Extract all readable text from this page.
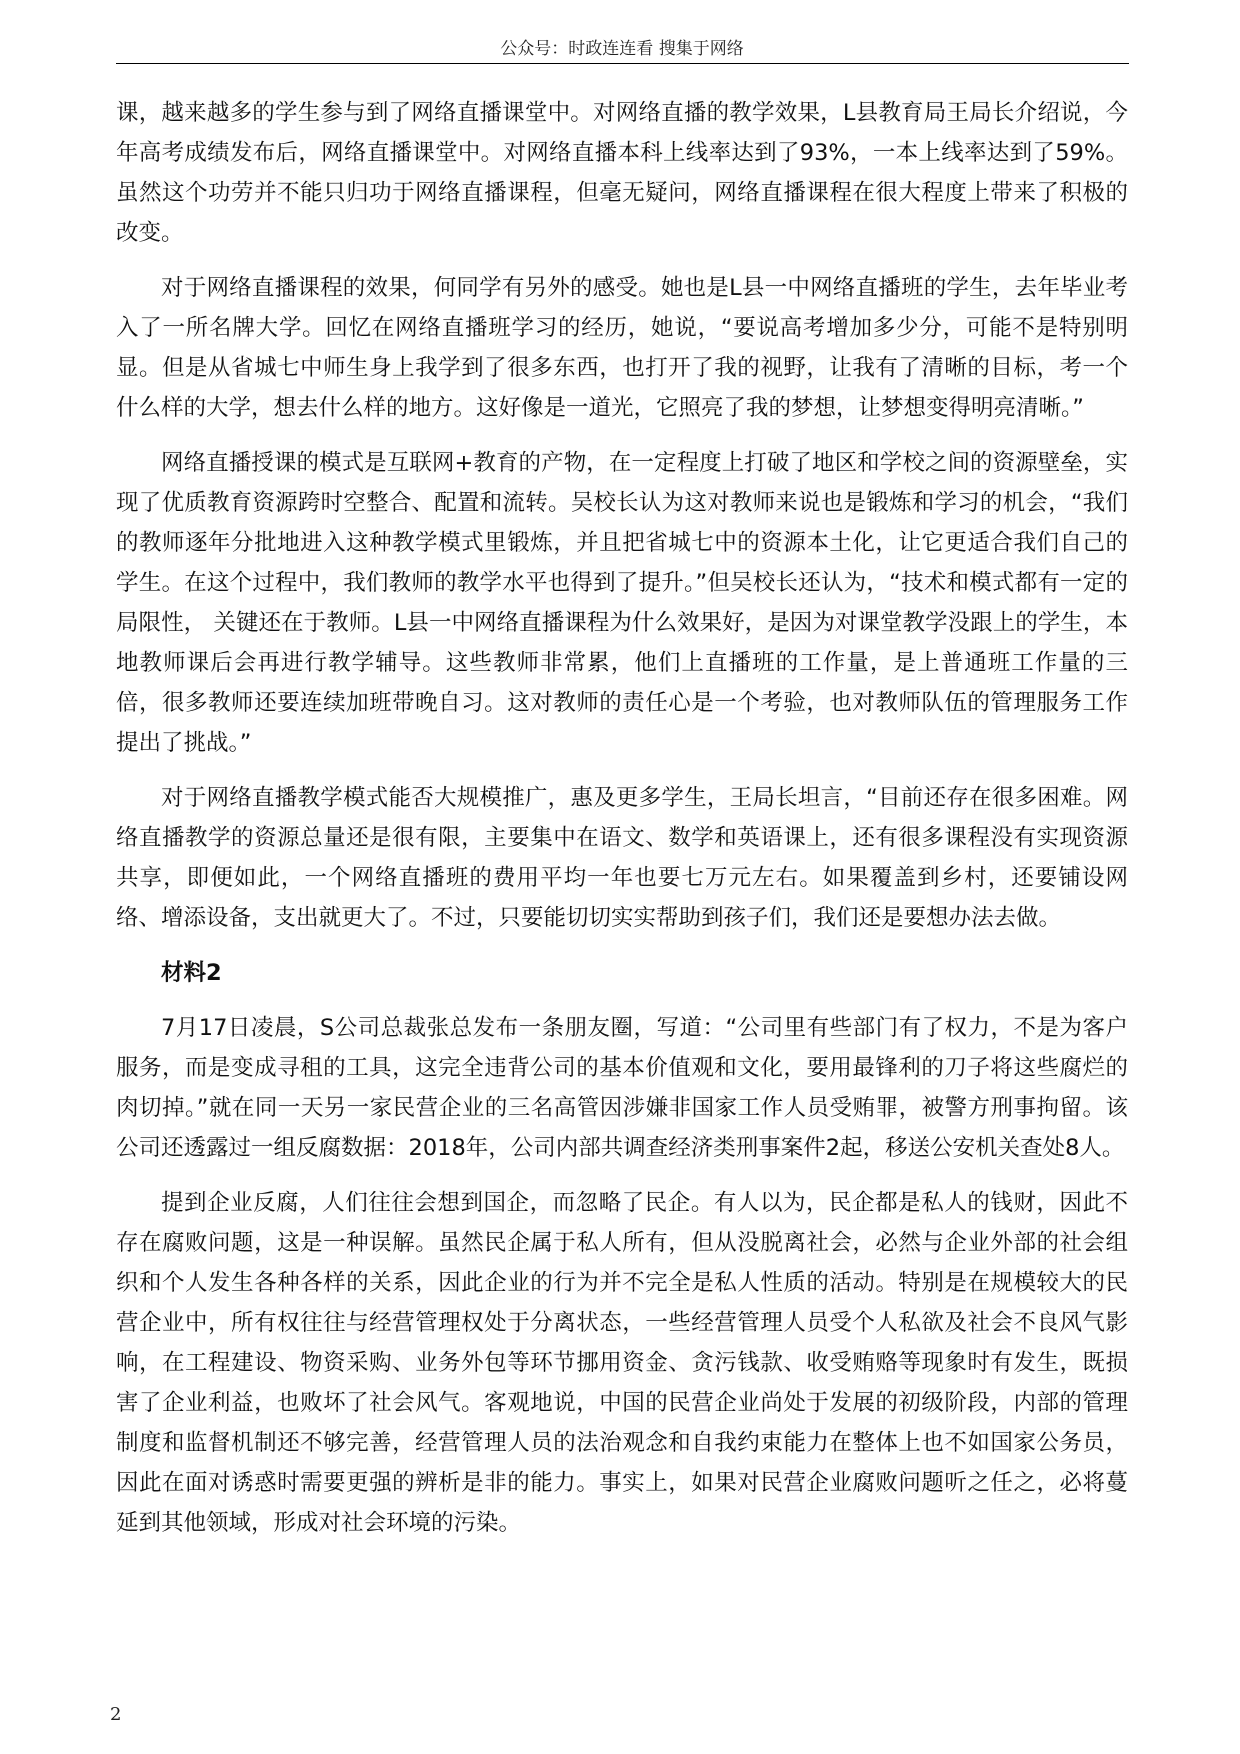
公众号：时政连连看 搜集于网络

课，越来越多的学生参与到了网络直播课堂中。对网络直播的教学效果，L县教育局王局长介绍说，今年高考成绩发布后，网络直播课堂中。对网络直播本科上线率达到了93%，一本上线率达到了59%。虽然这个功劳并不能只归功于网络直播课程，但毫无疑问，网络直播课程在很大程度上带来了积极的改变。

对于网络直播课程的效果，何同学有另外的感受。她也是L县一中网络直播班的学生，去年毕业考入了一所名牌大学。回忆在网络直播班学习的经历，她说，“要说高考增加多少分，可能不是特别明显。但是从省城七中师生身上我学到了很多东西，也打开了我的视野，让我有了清晰的目标，考一个什么样的大学，想去什么样的地方。这好像是一道光，它照亮了我的梦想，让梦想变得明亮清晰。”

网络直播授课的模式是互联网+教育的产物，在一定程度上打破了地区和学校之间的资源壁垒，实现了优质教育资源跨时空整合、配置和流转。吴校长认为这对教师来说也是锻炼和学习的机会，“我们的教师逐年分批地进入这种教学模式里锻炼，并且把省城七中的资源本土化，让它更适合我们自己的学生。在这个过程中，我们教师的教学水平也得到了提升。”但吴校长还认为，“技术和模式都有一定的局限性， 关键还在于教师。L县一中网络直播课程为什么效果好，是因为对课堂教学没跟上的学生，本地教师课后会再进行教学辅导。这些教师非常累，他们上直播班的工作量，是上普通班工作量的三倍，很多教师还要连续加班带晚自习。这对教师的责任心是一个考验，也对教师队伍的管理服务工作提出了挑战。”

对于网络直播教学模式能否大规模推广，惠及更多学生，王局长坦言，“目前还存在很多困难。网络直播教学的资源总量还是很有限，主要集中在语文、数学和英语课上，还有很多课程没有实现资源共享，即便如此，一个网络直播班的费用平均一年也要七万元左右。如果覆盖到乡村，还要铺设网络、增添设备，支出就更大了。不过，只要能切切实实帮助到孩子们，我们还是要想办法去做。

材料2

7月17日凌晨，S公司总裁张总发布一条朋友圈，写道：“公司里有些部门有了权力，不是为客户服务，而是变成寻租的工具，这完全违背公司的基本价值观和文化，要用最锋利的刀子将这些腐烂的肉切掉。”就在同一天另一家民营企业的三名高管因涉嫌非国家工作人员受贿罪，被警方刑事拘留。该公司还透露过一组反腐数据：2018年，公司内部共调查经济类刑事案件2起，移送公安机关查处8人。

提到企业反腐，人们往往会想到国企，而忽略了民企。有人以为，民企都是私人的钱财，因此不存在腐败问题，这是一种误解。虽然民企属于私人所有，但从没脱离社会，必然与企业外部的社会组织和个人发生各种各样的关系，因此企业的行为并不完全是私人性质的活动。特别是在规模较大的民营企业中，所有权往往与经营管理权处于分离状态，一些经营管理人员受个人私欲及社会不良风气影响，在工程建设、物资采购、业务外包等环节挪用资金、贪污钱款、收受贿赂等现象时有发生，既损害了企业利益，也败坏了社会风气。客观地说，中国的民营企业尚处于发展的初级阶段，内部的管理制度和监督机制还不够完善，经营管理人员的法治观念和自我约束能力在整体上也不如国家公务员，因此在面对诱惑时需要更强的辨析是非的能力。事实上，如果对民营企业腐败问题听之任之，必将蔓延到其他领域，形成对社会环境的污染。

2
